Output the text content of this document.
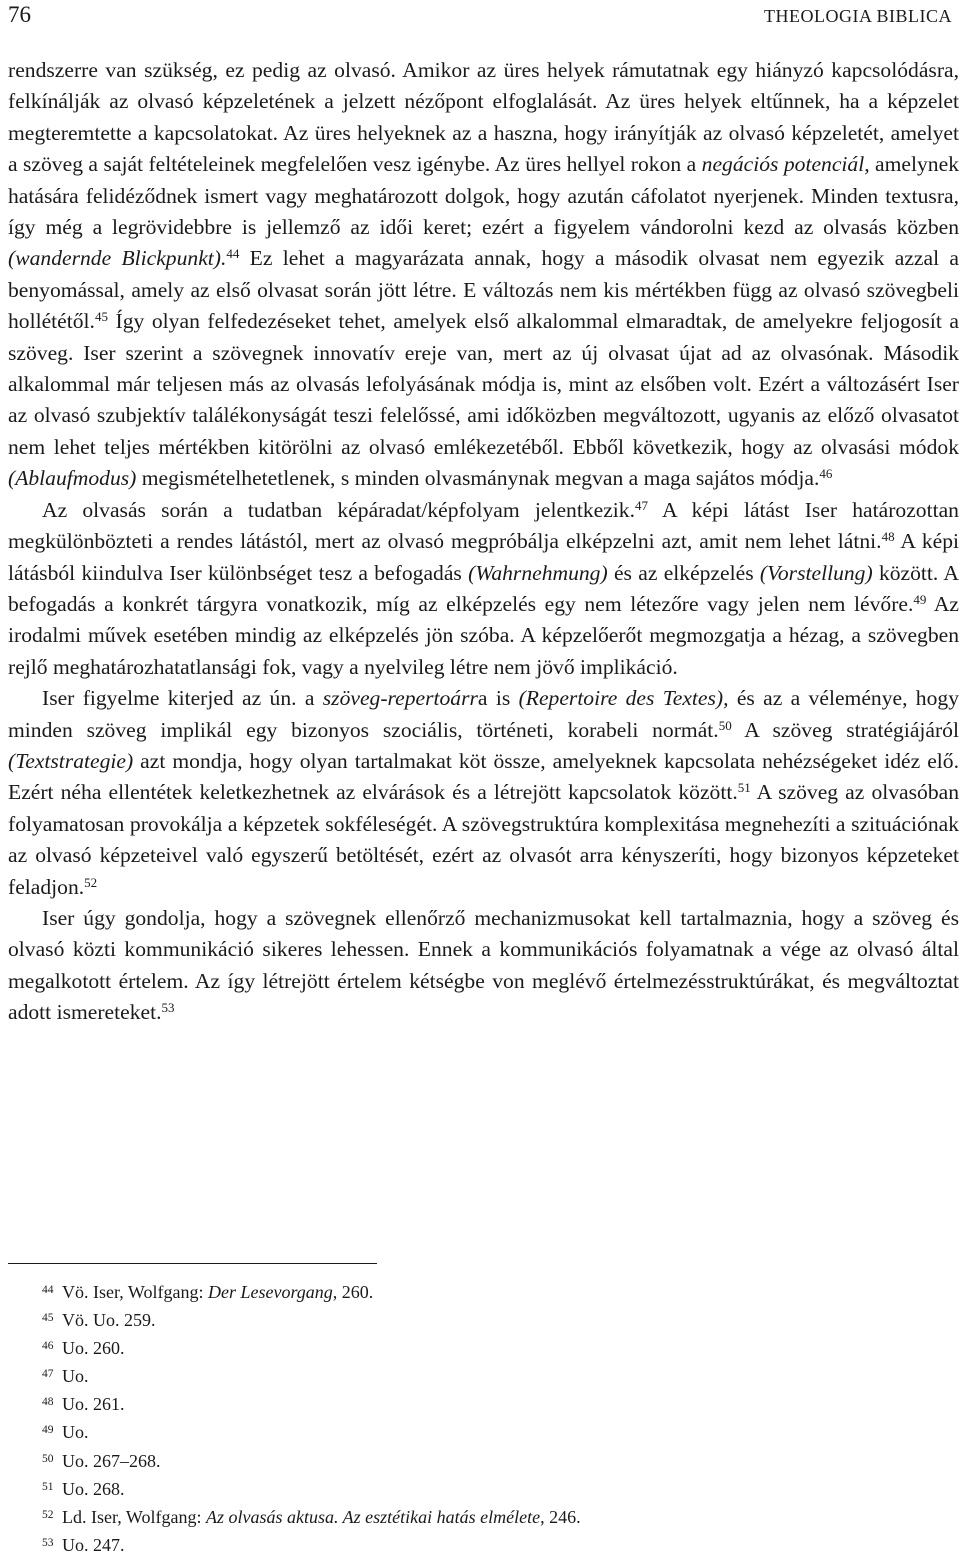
76	THEOLOGIA BIBLICA

rendszerre van szükség, ez pedig az olvasó. Amikor az üres helyek rámutatnak egy hiányzó kapcsolódásra, felkínálják az olvasó képzeletének a jelzett nézőpont elfoglalását. Az üres helyek eltűnnek, ha a képzelet megteremtette a kapcsolatokat. Az üres helyeknek az a haszna, hogy irányítják az olvasó képzeletét, amelyet a szöveg a saját feltételeinek megfelelően vesz igénybe. Az üres hellyel rokon a negációs potenciál, amelynek hatására felidéződnek ismert vagy meghatározott dolgok, hogy azután cáfolatot nyerjenek. Minden textusra, így még a legrövidebbre is jellemző az idői keret; ezért a figyelem vándorolni kezd az olvasás közben (wandernde Blickpunkt).$^{44}$ Ez lehet a magyarázata annak, hogy a második olvasat nem egyezik azzal a benyomással, amely az első olvasat során jött létre. E változás nem kis mértékben függ az olvasó szövegbeli hollététől.$^{45}$ Így olyan felfedezéseket tehet, amelyek első alkalommal elmaradtak, de amelyekre feljogosít a szöveg. Iser szerint a szövegnek innovatív ereje van, mert az új olvasat újat ad az olvasónak. Második alkalommal már teljesen más az olvasás lefolyásának módja is, mint az elsőben volt. Ezért a változásért Iser az olvasó szubjektív találékonyságát teszi felelőssé, ami időközben megváltozott, ugyanis az előző olvasatot nem lehet teljes mértékben kitörölni az olvasó emlékezetéből. Ebből következik, hogy az olvasási módok (Ablaufmodus) megismételhetetlenek, s minden olvasmánynak megvan a maga sajátos módja.$^{46}$

Az olvasás során a tudatban képáradat/képfolyam jelentkezik.$^{47}$ A képi látást Iser határozottan megkülönbözteti a rendes látástól, mert az olvasó megpróbálja elképzelni azt, amit nem lehet látni.$^{48}$ A képi látásból kiindulva Iser különbséget tesz a befogadás (Wahrnehmung) és az elképzelés (Vorstellung) között. A befogadás a konkrét tárgyra vonatkozik, míg az elképzelés egy nem létezőre vagy jelen nem lévőre.$^{49}$ Az irodalmi művek esetében mindig az elképzelés jön szóba. A képzelőerőt megmozgatja a hézag, a szövegben rejlő meghatározhatatlansági fok, vagy a nyelvileg létre nem jövő implikáció.

Iser figyelme kiterjed az ún. a szöveg-repertoárra is (Repertoire des Textes), és az a véleménye, hogy minden szöveg implikál egy bizonyos szociális, történeti, korabeli normát.$^{50}$ A szöveg stratégiájáról (Textstrategie) azt mondja, hogy olyan tartalmakat köt össze, amelyeknek kapcsolata nehézségeket idéz elő. Ezért néha ellentétek keletkezhetnek az elvárások és a létrejött kapcsolatok között.$^{51}$ A szöveg az olvasóban folyamatosan provokálja a képzetek sokféleségét. A szövegstruktúra komplexitása megnehezíti a szituációnak az olvasó képzeteivel való egyszerű betöltését, ezért az olvasót arra kényszeríti, hogy bizonyos képzeteket feladjon.$^{52}$

Iser úgy gondolja, hogy a szövegnek ellenőrző mechanizmusokat kell tartalmaznia, hogy a szöveg és olvasó közti kommunikáció sikeres lehessen. Ennek a kommunikációs folyamatnak a vége az olvasó által megalkotott értelem. Az így létrejött értelem kétségbe von meglévő értelmezésstruktúrákat, és megváltoztat adott ismereteket.$^{53}$

44 Vö. Iser, Wolfgang: Der Lesevorgang, 260.

45 Vö. Uo. 259.

46 Uo. 260.

47 Uo.

48 Uo. 261.

49 Uo.

50 Uo. 267–268.

51 Uo. 268.

52 Ld. Iser, Wolfgang: Az olvasás aktusa. Az esztétikai hatás elmélete, 246.

53 Uo. 247.
